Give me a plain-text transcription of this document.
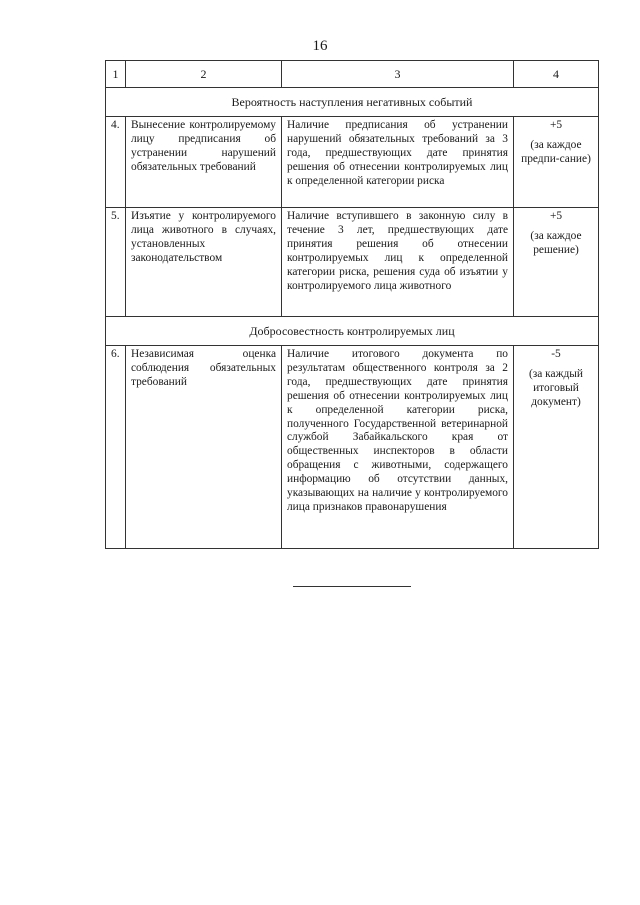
16
1	2	3	4
Вероятность наступления негативных событий			
4.	Вынесение контролируемому лицу предписания об устранении нарушений обязательных требований	Наличие предписания об устранении нарушений обязательных требований за 3 года, предшествующих дате принятия решения об отнесении контролируемых лиц к определенной категории риска	+5
(за каждое предпи-сание)

5.	Изъятие у контролируемого лица животного в случаях, установленных законодательством	Наличие вступившего в законную силу в течение 3 лет, предшествующих дате принятия решения об отнесении контролируемых лиц к определенной категории риска, решения суда об изъятии у контролируемого лица животного	+5
(за каждое решение)

Добросовестность контролируемых лиц			
6.	Независимая оценка соблюдения обязательных требований	Наличие итогового документа по результатам общественного контроля за 2 года, предшествующих дате принятия решения об отнесении контролируемых лиц к определенной категории риска, полученного Государственной ветеринарной службой Забайкальского края от общественных инспекторов в области обращения с животными, содержащего информацию об отсутствии данных, указывающих на наличие у контролируемого лица признаков правонарушения	-5
(за каждый итоговый документ)
